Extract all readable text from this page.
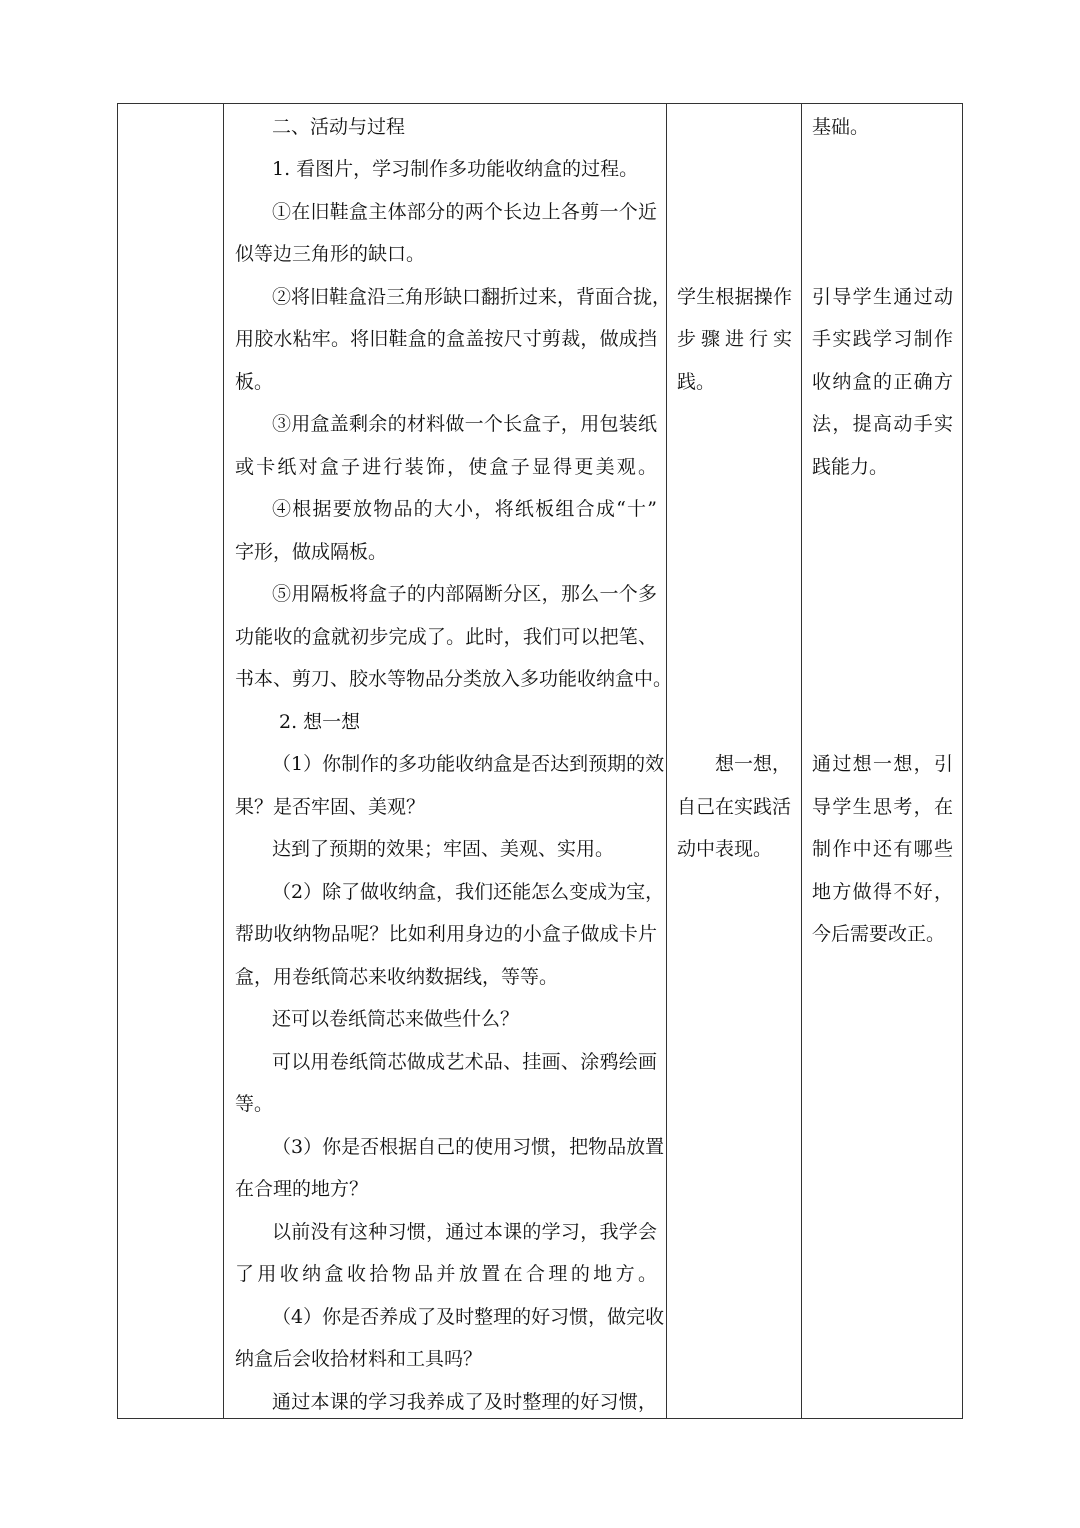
二、活动与过程
1. 看图片，学习制作多功能收纳盒的过程。
①在旧鞋盒主体部分的两个长边上各剪一个近
似等边三角形的缺口。
②将旧鞋盒沿三角形缺口翻折过来，背面合拢，
用胶水粘牢。将旧鞋盒的盒盖按尺寸剪裁，做成挡
板。
③用盒盖剩余的材料做一个长盒子，用包装纸
或卡纸对盒子进行装饰，使盒子显得更美观。
④根据要放物品的大小，将纸板组合成“十”
字形，做成隔板。
⑤用隔板将盒子的内部隔断分区，那么一个多
功能收的盒就初步完成了。此时，我们可以把笔、
书本、剪刀、胶水等物品分类放入多功能收纳盒中。
2. 想一想
（1）你制作的多功能收纳盒是否达到预期的效
果？是否牢固、美观？
达到了预期的效果；牢固、美观、实用。
（2）除了做收纳盒，我们还能怎么变成为宝，
帮助收纳物品呢？比如利用身边的小盒子做成卡片
盒，用卷纸筒芯来收纳数据线，等等。
还可以卷纸筒芯来做些什么？
可以用卷纸筒芯做成艺术品、挂画、涂鸦绘画
等。
（3）你是否根据自己的使用习惯，把物品放置
在合理的地方？
以前没有这种习惯，通过本课的学习，我学会
了用收纳盒收拾物品并放置在合理的地方。
（4）你是否养成了及时整理的好习惯，做完收
纳盒后会收拾材料和工具吗？
通过本课的学习我养成了及时整理的好习惯，
学生根据操作
步骤进行实
践。
想一想，
自己在实践活
动中表现。
基础。
引导学生通过动
手实践学习制作
收纳盒的正确方
法，提高动手实
践能力。
通过想一想，引
导学生思考，在
制作中还有哪些
地方做得不好，
今后需要改正。
